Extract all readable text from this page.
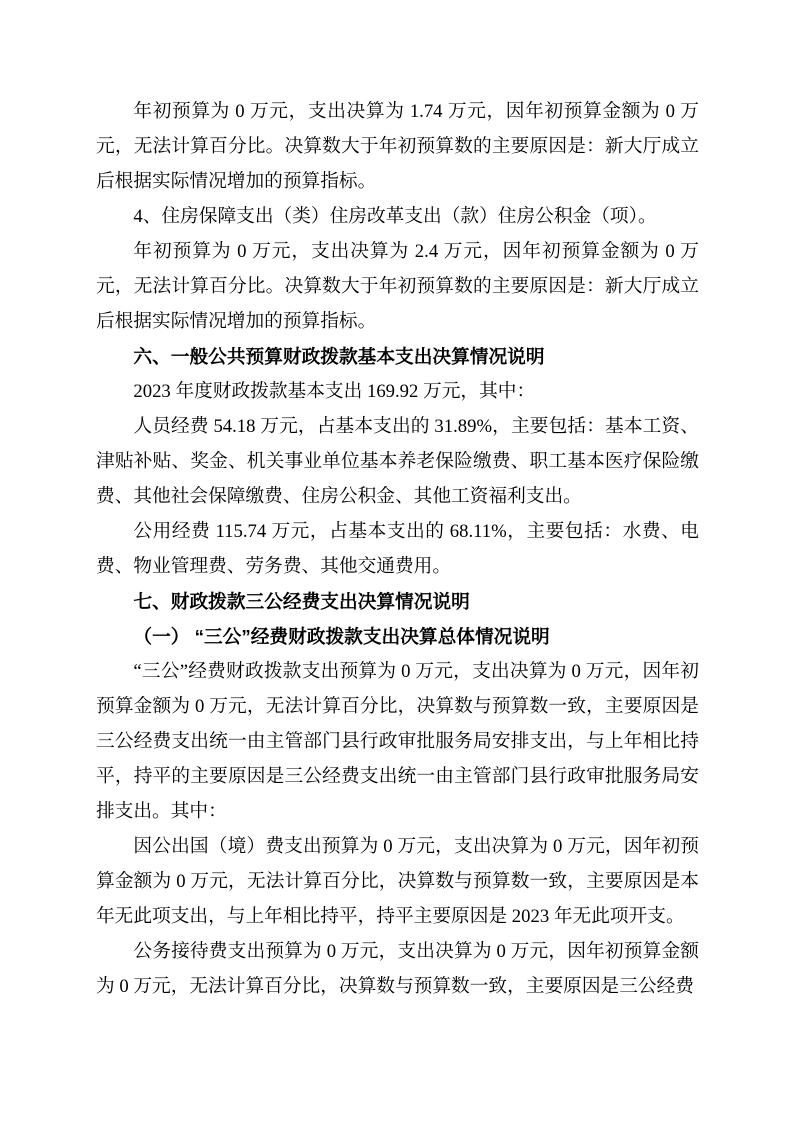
年初预算为 0 万元，支出决算为 1.74 万元，因年初预算金额为 0 万元，无法计算百分比。决算数大于年初预算数的主要原因是：新大厅成立后根据实际情况增加的预算指标。

4、住房保障支出（类）住房改革支出（款）住房公积金（项）。

年初预算为 0 万元，支出决算为 2.4 万元，因年初预算金额为 0 万元，无法计算百分比。决算数大于年初预算数的主要原因是：新大厅成立后根据实际情况增加的预算指标。

六、一般公共预算财政拨款基本支出决算情况说明

2023 年度财政拨款基本支出 169.92 万元，其中：

人员经费 54.18 万元，占基本支出的 31.89%，主要包括：基本工资、津贴补贴、奖金、机关事业单位基本养老保险缴费、职工基本医疗保险缴费、其他社会保障缴费、住房公积金、其他工资福利支出。

公用经费 115.74 万元，占基本支出的 68.11%，主要包括：水费、电费、物业管理费、劳务费、其他交通费用。

七、财政拨款三公经费支出决算情况说明

（一） “三公”经费财政拨款支出决算总体情况说明

“三公”经费财政拨款支出预算为 0 万元，支出决算为 0 万元，因年初预算金额为 0 万元，无法计算百分比，决算数与预算数一致，主要原因是三公经费支出统一由主管部门县行政审批服务局安排支出，与上年相比持平，持平的主要原因是三公经费支出统一由主管部门县行政审批服务局安排支出。其中：

因公出国（境）费支出预算为 0 万元，支出决算为 0 万元，因年初预算金额为 0 万元，无法计算百分比，决算数与预算数一致，主要原因是本年无此项支出，与上年相比持平，持平主要原因是 2023 年无此项开支。

公务接待费支出预算为 0 万元，支出决算为 0 万元，因年初预算金额为 0 万元，无法计算百分比，决算数与预算数一致，主要原因是三公经费
